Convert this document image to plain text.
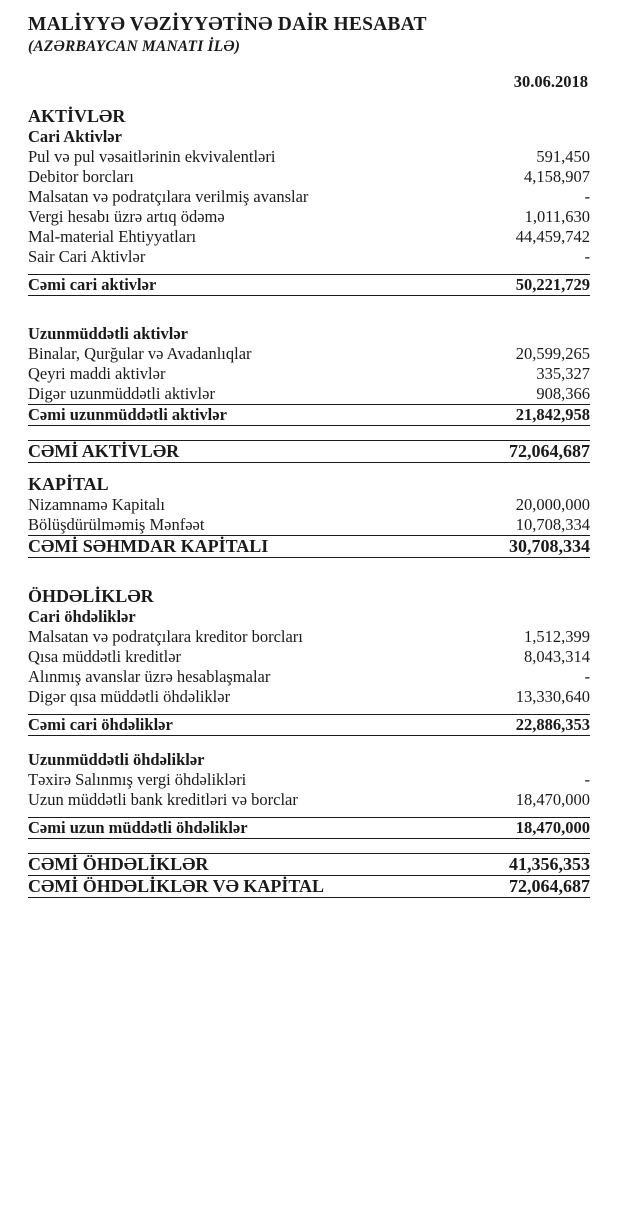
MALİYYƏ VƏZİYYƏTİNƏ DAİR HESABAT
(AZƏRBAYCAN MANATI İLƏ)
30.06.2018
AKTİVLƏR	
Cari Aktivlər	
Pul və pul vəsaitlərinin ekvivalentləri	591,450
Debitor borcları	4,158,907
Malsatan və podratçılara verilmiş avanslar	-
Vergi hesabı üzrə artıq ödəmə	1,011,630
Mal-material Ehtiyyatları	44,459,742
Sair Cari Aktivlər	-

Cəmi cari aktivlər	50,221,729

Uzunmüddətli aktivlər	
Binalar, Qurğular və Avadanlıqlar	20,599,265
Qeyri maddi aktivlər	335,327
Digər uzunmüddətli aktivlər	908,366
Cəmi uzunmüddətli aktivlər	21,842,958

CƏMİ AKTİVLƏR	72,064,687

KAPİTAL	
Nizamnamə Kapitalı	20,000,000
Bölüşdürülməmiş Mənfəət	10,708,334
CƏMİ SƏHMDAR KAPİTALI	30,708,334

ÖHDƏLİKLƏR	
Cari öhdəliklər	
Malsatan və podratçılara kreditor borcları	1,512,399
Qısa müddətli kreditlər	8,043,314
Alınmış avanslar üzrə hesablaşmalar	-
Digər qısa müddətli öhdəliklər	13,330,640

Cəmi cari öhdəliklər	22,886,353

Uzunmüddətli öhdəliklər	
Təxirə Salınmış vergi öhdəlikləri	-
Uzun müddətli bank kreditləri və borclar	18,470,000

Cəmi uzun müddətli öhdəliklər	18,470,000

CƏMİ ÖHDƏLİKLƏR	41,356,353
CƏMİ ÖHDƏLİKLƏR VƏ KAPİTAL	72,064,687
